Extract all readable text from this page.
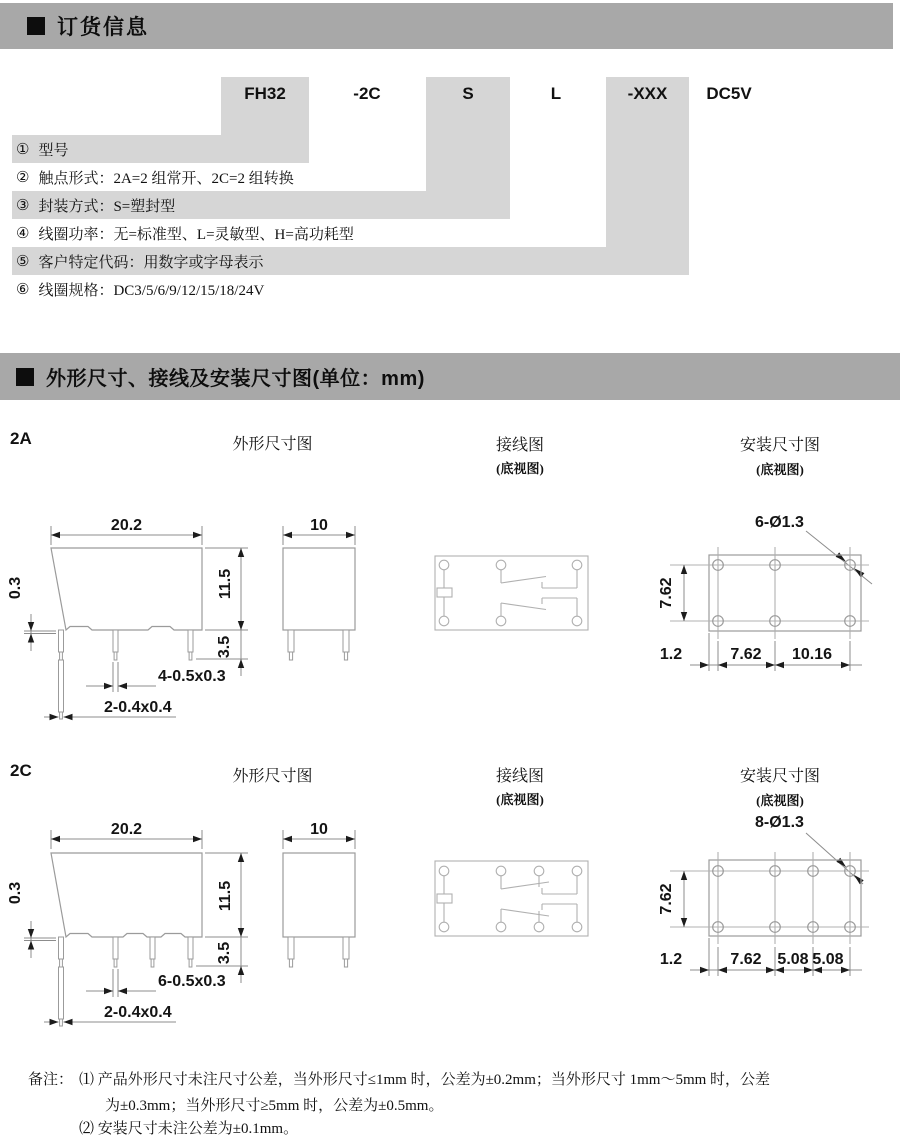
订货信息
FH32	-2C	S	L	-XXX	DC5V
① 型号
② 触点形式：2A=2 组常开、2C=2 组转换
③ 封装方式：S=塑封型
④ 线圈功率：无=标准型、L=灵敏型、H=高功耗型
⑤ 客户特定代码：用数字或字母表示
⑥ 线圈规格：DC3/5/6/9/12/15/18/24V
外形尺寸、接线及安装尺寸图(单位：mm)
2A	外形尺寸图	接线图
(底视图)
安装尺寸图
(底视图)
20.2
0.3	11.5
3.5
4-0.5x0.3
2-0.4x0.4
10	6-Ø1.3
7.62
1.2	7.62 10.16
2C	外形尺寸图	接线图
(底视图)
安装尺寸图
(底视图)
20.2
0.3	11.5
3.5
6-0.5x0.3
2-0.4x0.4
10	8-Ø1.3
7.62
1.2	7.62 5.08 5.08
备注： ⑴ 产品外形尺寸未注尺寸公差，当外形尺寸≤1mm 时，公差为±0.2mm；当外形尺寸 1mm～5mm 时，公差
为±0.3mm；当外形尺寸≥5mm 时，公差为±0.5mm。
⑵ 安装尺寸未注公差为±0.1mm。
